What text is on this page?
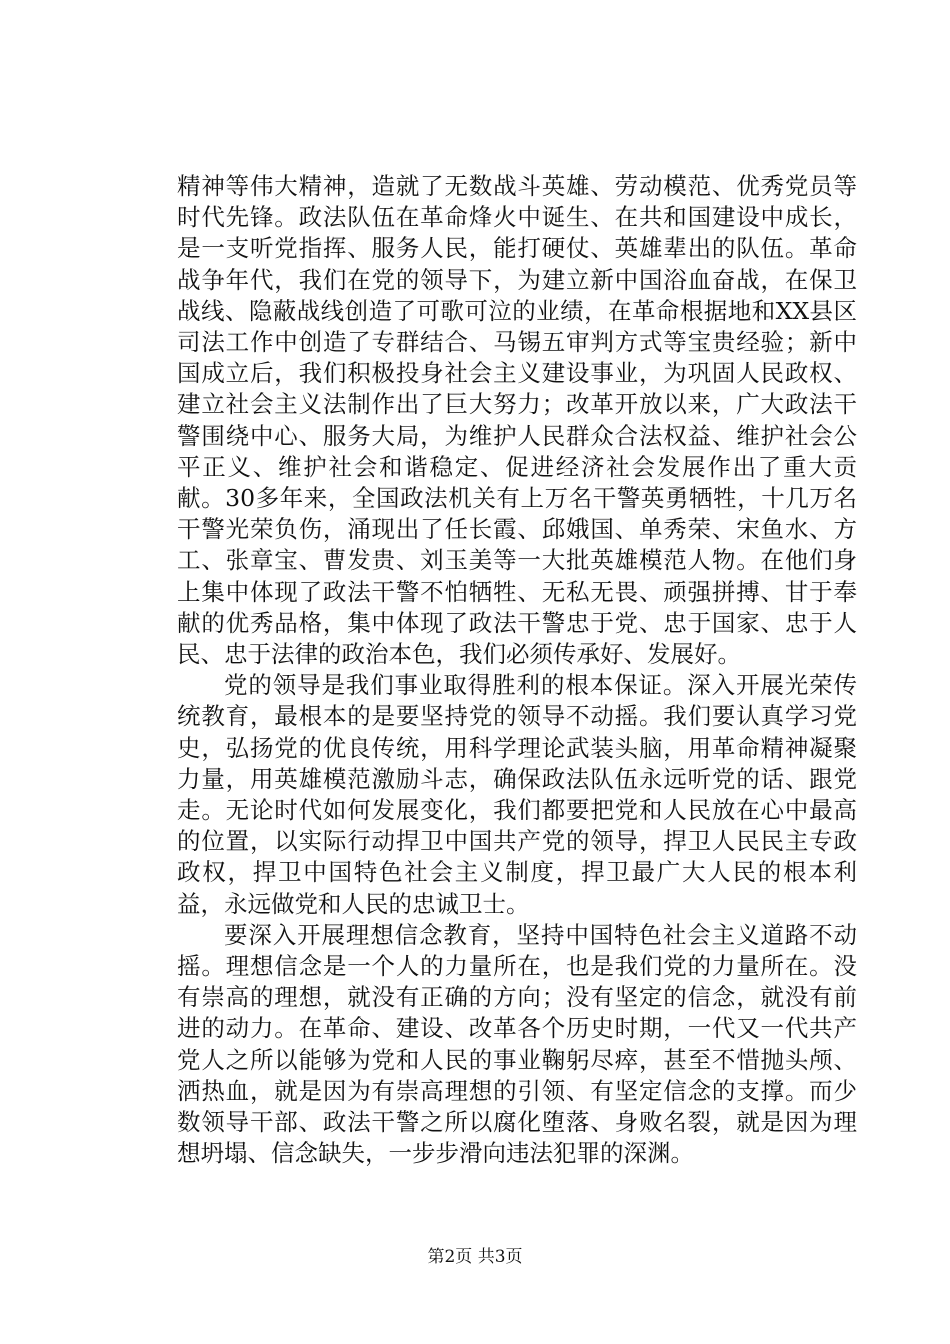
精神等伟大精神，造就了无数战斗英雄、劳动模范、优秀党员等时代先锋。政法队伍在革命烽火中诞生、在共和国建设中成长，是一支听党指挥、服务人民，能打硬仗、英雄辈出的队伍。革命战争年代，我们在党的领导下，为建立新中国浴血奋战，在保卫战线、隐蔽战线创造了可歌可泣的业绩，在革命根据地和XX县区司法工作中创造了专群结合、马锡五审判方式等宝贵经验；新中国成立后，我们积极投身社会主义建设事业，为巩固人民政权、建立社会主义法制作出了巨大努力；改革开放以来，广大政法干警围绕中心、服务大局，为维护人民群众合法权益、维护社会公平正义、维护社会和谐稳定、促进经济社会发展作出了重大贡献。30多年来，全国政法机关有上万名干警英勇牺牲，十几万名干警光荣负伤，涌现出了任长霞、邱娥国、单秀荣、宋鱼水、方工、张章宝、曹发贵、刘玉美等一大批英雄模范人物。在他们身上集中体现了政法干警不怕牺牲、无私无畏、顽强拼搏、甘于奉献的优秀品格，集中体现了政法干警忠于党、忠于国家、忠于人民、忠于法律的政治本色，我们必须传承好、发展好。

党的领导是我们事业取得胜利的根本保证。深入开展光荣传统教育，最根本的是要坚持党的领导不动摇。我们要认真学习党史，弘扬党的优良传统，用科学理论武装头脑，用革命精神凝聚力量，用英雄模范激励斗志，确保政法队伍永远听党的话、跟党走。无论时代如何发展变化，我们都要把党和人民放在心中最高的位置，以实际行动捍卫中国共产党的领导，捍卫人民民主专政政权，捍卫中国特色社会主义制度，捍卫最广大人民的根本利益，永远做党和人民的忠诚卫士。

要深入开展理想信念教育，坚持中国特色社会主义道路不动摇。理想信念是一个人的力量所在，也是我们党的力量所在。没有崇高的理想，就没有正确的方向；没有坚定的信念，就没有前进的动力。在革命、建设、改革各个历史时期，一代又一代共产党人之所以能够为党和人民的事业鞠躬尽瘁，甚至不惜抛头颅、洒热血，就是因为有崇高理想的引领、有坚定信念的支撑。而少数领导干部、政法干警之所以腐化堕落、身败名裂，就是因为理想坍塌、信念缺失，一步步滑向违法犯罪的深渊。

第2页 共3页
